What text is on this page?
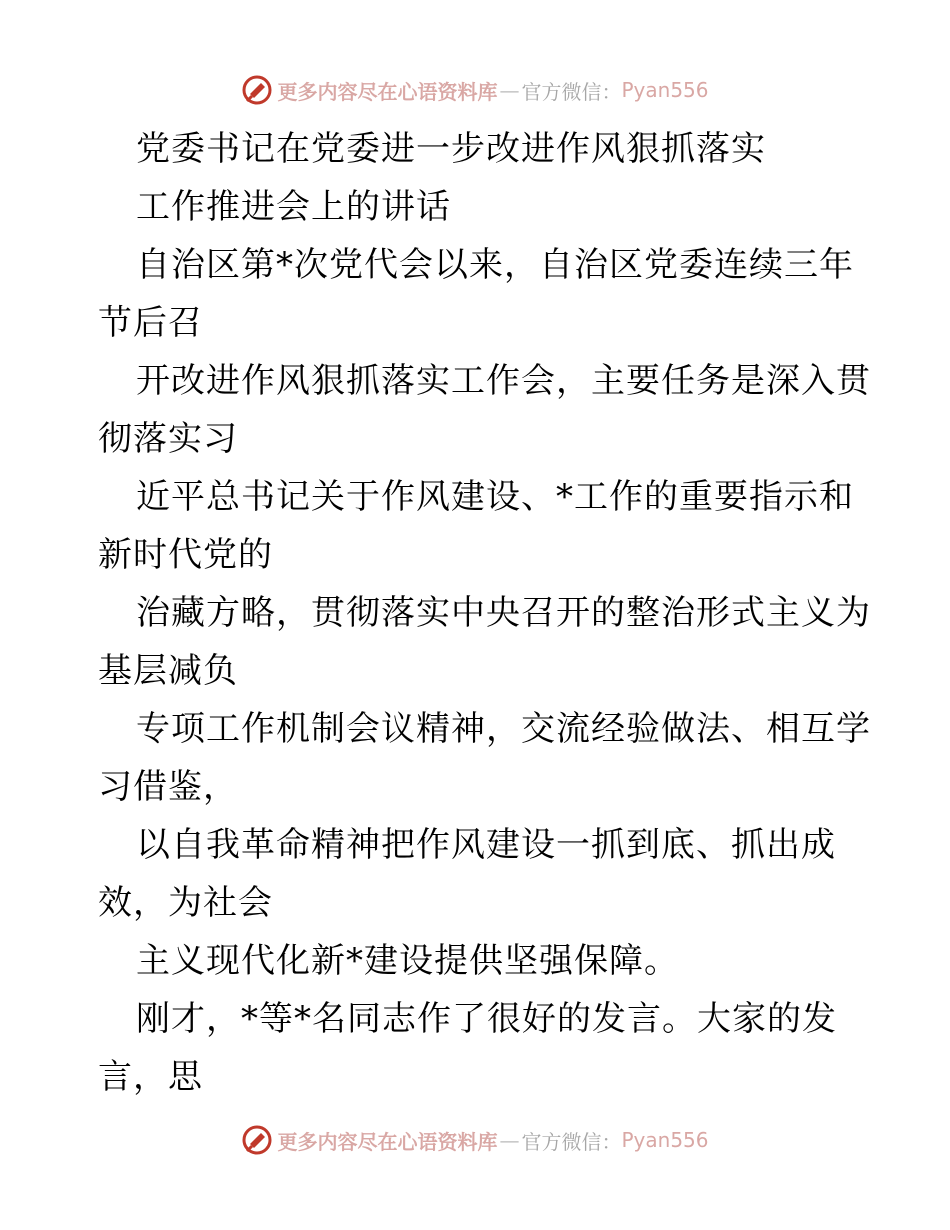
更多内容尽在心语资料库 — 官方微信： Pyan556
党委书记在党委进一步改进作风狠抓落实
工作推进会上的讲话
自治区第*次党代会以来，自治区党委连续三年
节后召
开改进作风狠抓落实工作会，主要任务是深入贯
彻落实习
近平总书记关于作风建设、*工作的重要指示和
新时代党的
治藏方略，贯彻落实中央召开的整治形式主义为
基层减负
专项工作机制会议精神，交流经验做法、相互学
习借鉴，
以自我革命精神把作风建设一抓到底、抓出成
效，为社会
主义现代化新*建设提供坚强保障。
刚才，*等*名同志作了很好的发言。大家的发
言，思
更多内容尽在心语资料库 — 官方微信： Pyan556
